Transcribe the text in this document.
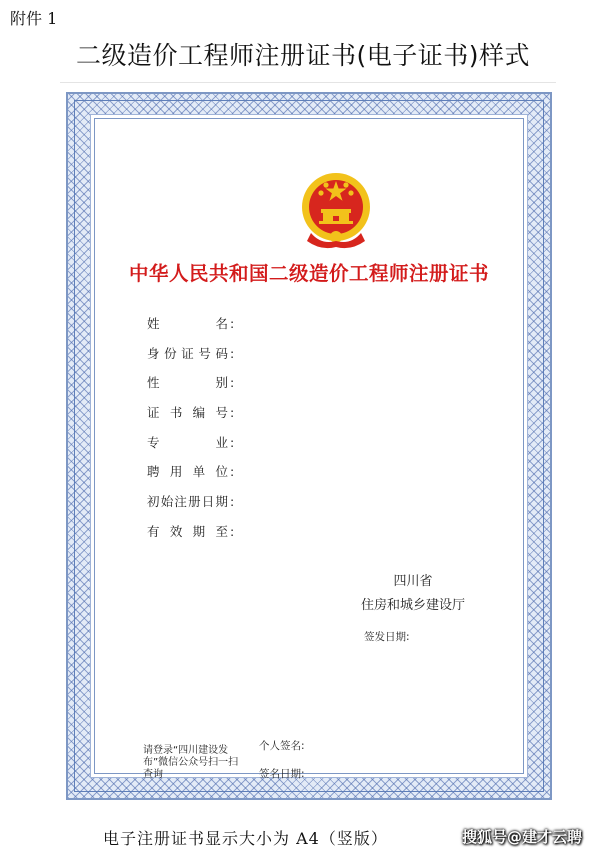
附件 1
二级造价工程师注册证书(电子证书)样式
中华人民共和国二级造价工程师注册证书
姓名 :
身份证号码 :
性别 :
证书编号 :
专业 :
聘用单位 :
初始注册日期 :
有效期至 :
四川省
住房和城乡建设厅
签发日期:
请登录“四川建设发布”微信公众号扫一扫查询
个人签名:
签名日期:
电子注册证书显示大小为 A4（竖版）	搜狐号@建才云聘
